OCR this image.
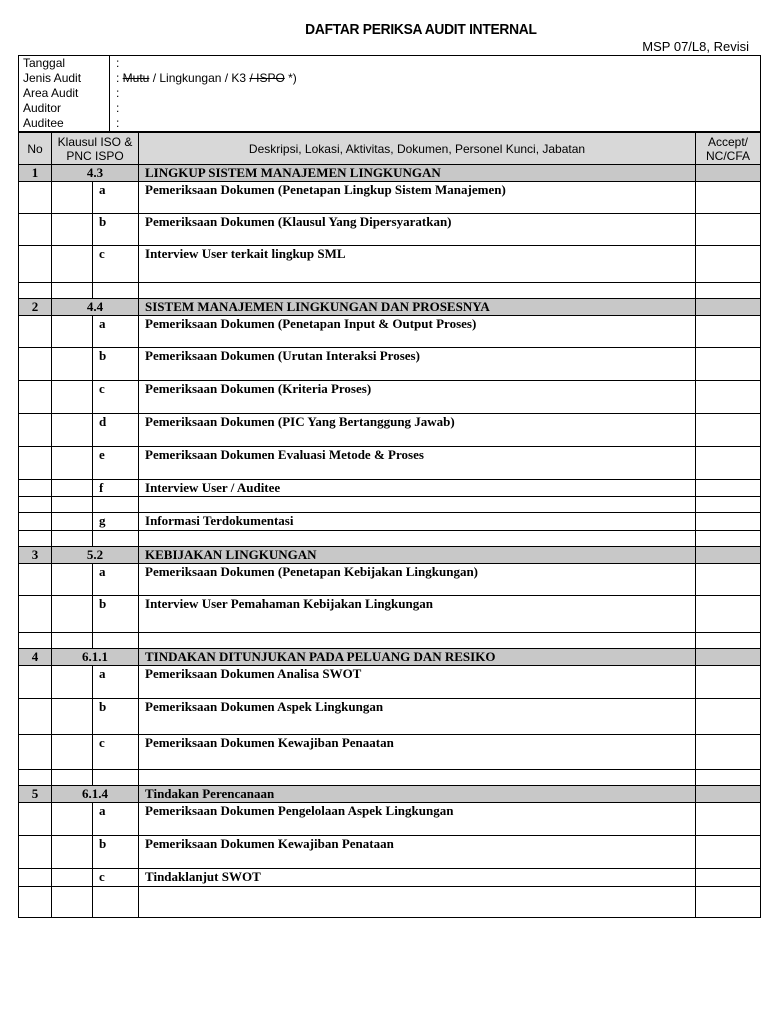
DAFTAR PERIKSA AUDIT INTERNAL
MSP 07/L8, Revisi
Tanggal	:
Jenis Audit	: Mutu / Lingkungan / K3 / ISPO *)
Area Audit	:
Auditor	:
Auditee	:
No	Klausul ISO & PNC ISPO		Deskripsi, Lokasi, Aktivitas, Dokumen, Personel Kunci, Jabatan	Accept/ NC/CFA
1	4.3		LINGKUP SISTEM MANAJEMEN LINGKUNGAN	
		a	Pemeriksaan Dokumen (Penetapan Lingkup Sistem Manajemen)	
		b	Pemeriksaan Dokumen (Klausul Yang Dipersyaratkan)	
		c	Interview User terkait lingkup SML	

2	4.4		SISTEM MANAJEMEN LINGKUNGAN DAN PROSESNYA	
		a	Pemeriksaan Dokumen (Penetapan Input & Output Proses)	
		b	Pemeriksaan Dokumen (Urutan Interaksi Proses)	
		c	Pemeriksaan Dokumen (Kriteria Proses)	
		d	Pemeriksaan Dokumen (PIC Yang Bertanggung Jawab)	
		e	Pemeriksaan Dokumen Evaluasi Metode & Proses	
		f	Interview User / Auditee	

		g	Informasi Terdokumentasi	

3	5.2		KEBIJAKAN LINGKUNGAN	
		a	Pemeriksaan Dokumen (Penetapan Kebijakan Lingkungan)	
		b	Interview User Pemahaman Kebijakan Lingkungan	

4	6.1.1		TINDAKAN DITUNJUKAN PADA PELUANG DAN RESIKO	
		a	Pemeriksaan Dokumen Analisa SWOT	
		b	Pemeriksaan Dokumen Aspek Lingkungan	
		c	Pemeriksaan Dokumen Kewajiban Penaatan	

5	6.1.4		Tindakan Perencanaan	
		a	Pemeriksaan Dokumen Pengelolaan Aspek Lingkungan	
		b	Pemeriksaan Dokumen Kewajiban Penataan	
		c	Tindaklanjut SWOT	
